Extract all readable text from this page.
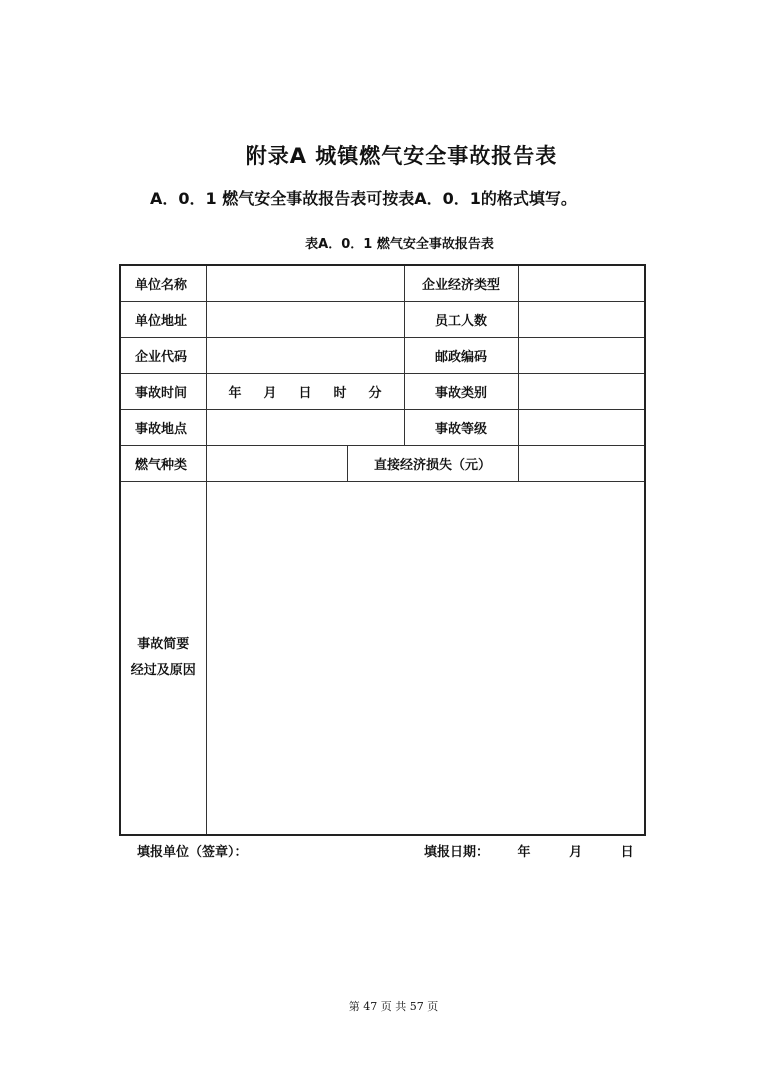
附录A 城镇燃气安全事故报告表
A．0．1 燃气安全事故报告表可按表A．0．1的格式填写。
表A．0．1 燃气安全事故报告表
单位名称			企业经济类型	
单位地址			员工人数	
企业代码			邮政编码	
事故时间	年 月 日 时 分		事故类别	
事故地点			事故等级	
燃气种类		直接经济损失（元）		

事故简要
经过及原因				

填报单位（签章）：	填报日期： 年	月	日
第 47 页 共 57 页
